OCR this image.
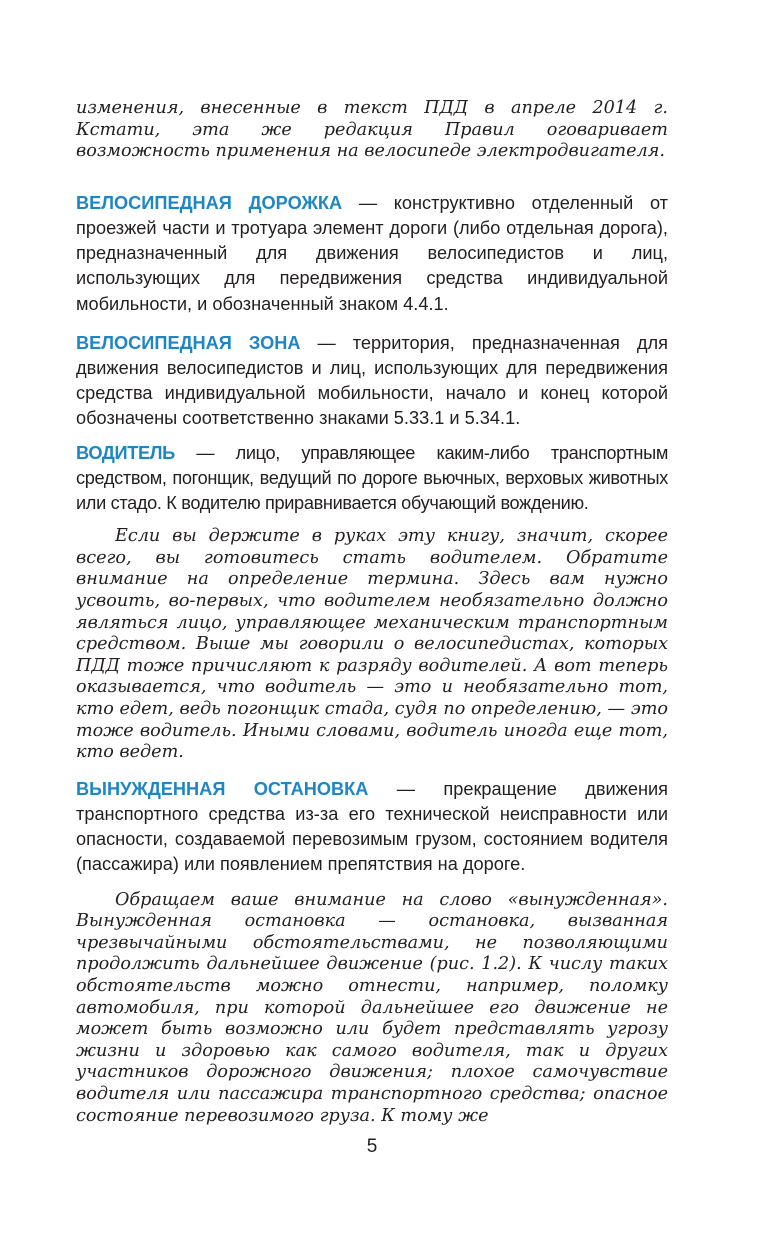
изменения, внесенные в текст ПДД в апреле 2014 г. Кстати, эта же редакция Правил оговаривает возможность применения на велосипеде электродвигателя.

ВЕЛОСИПЕДНАЯ ДОРОЖКА — конструктивно отделенный от проезжей части и тротуара элемент дороги (либо отдельная дорога), предназначенный для движения велосипедистов и лиц, использующих для передвижения средства индивидуальной мобильности, и обозначенный знаком 4.4.1.

ВЕЛОСИПЕДНАЯ ЗОНА — территория, предназначенная для движения велосипедистов и лиц, использующих для передвижения средства индивидуальной мобильности, начало и конец которой обозначены соответственно знаками 5.33.1 и 5.34.1.

ВОДИТЕЛЬ — лицо, управляющее каким-либо транспортным средством, погонщик, ведущий по дороге вьючных, верховых животных или стадо. К водителю приравнивается обучающий вождению.

Если вы держите в руках эту книгу, значит, скорее всего, вы готовитесь стать водителем. Обратите внимание на определение термина. Здесь вам нужно усвоить, во-первых, что водителем необязательно должно являться лицо, управляющее механическим транспортным средством. Выше мы говорили о велосипедистах, которых ПДД тоже причисляют к разряду водителей. А вот теперь оказывается, что водитель — это и необязательно тот, кто едет, ведь погонщик стада, судя по определению, — это тоже водитель. Иными словами, водитель иногда еще тот, кто ведет.

ВЫНУЖДЕННАЯ ОСТАНОВКА — прекращение движения транспортного средства из-за его технической неисправности или опасности, создаваемой перевозимым грузом, состоянием водителя (пассажира) или появлением препятствия на дороге.

Обращаем ваше внимание на слово «вынужденная». Вынужденная остановка — остановка, вызванная чрезвычайными обстоятельствами, не позволяющими продолжить дальнейшее движение (рис. 1.2). К числу таких обстоятельств можно отнести, например, поломку автомобиля, при которой дальнейшее его движение не может быть возможно или будет представлять угрозу жизни и здоровью как самого водителя, так и других участников дорожного движения; плохое самочувствие водителя или пассажира транспортного средства; опасное состояние перевозимого груза. К тому же

5
